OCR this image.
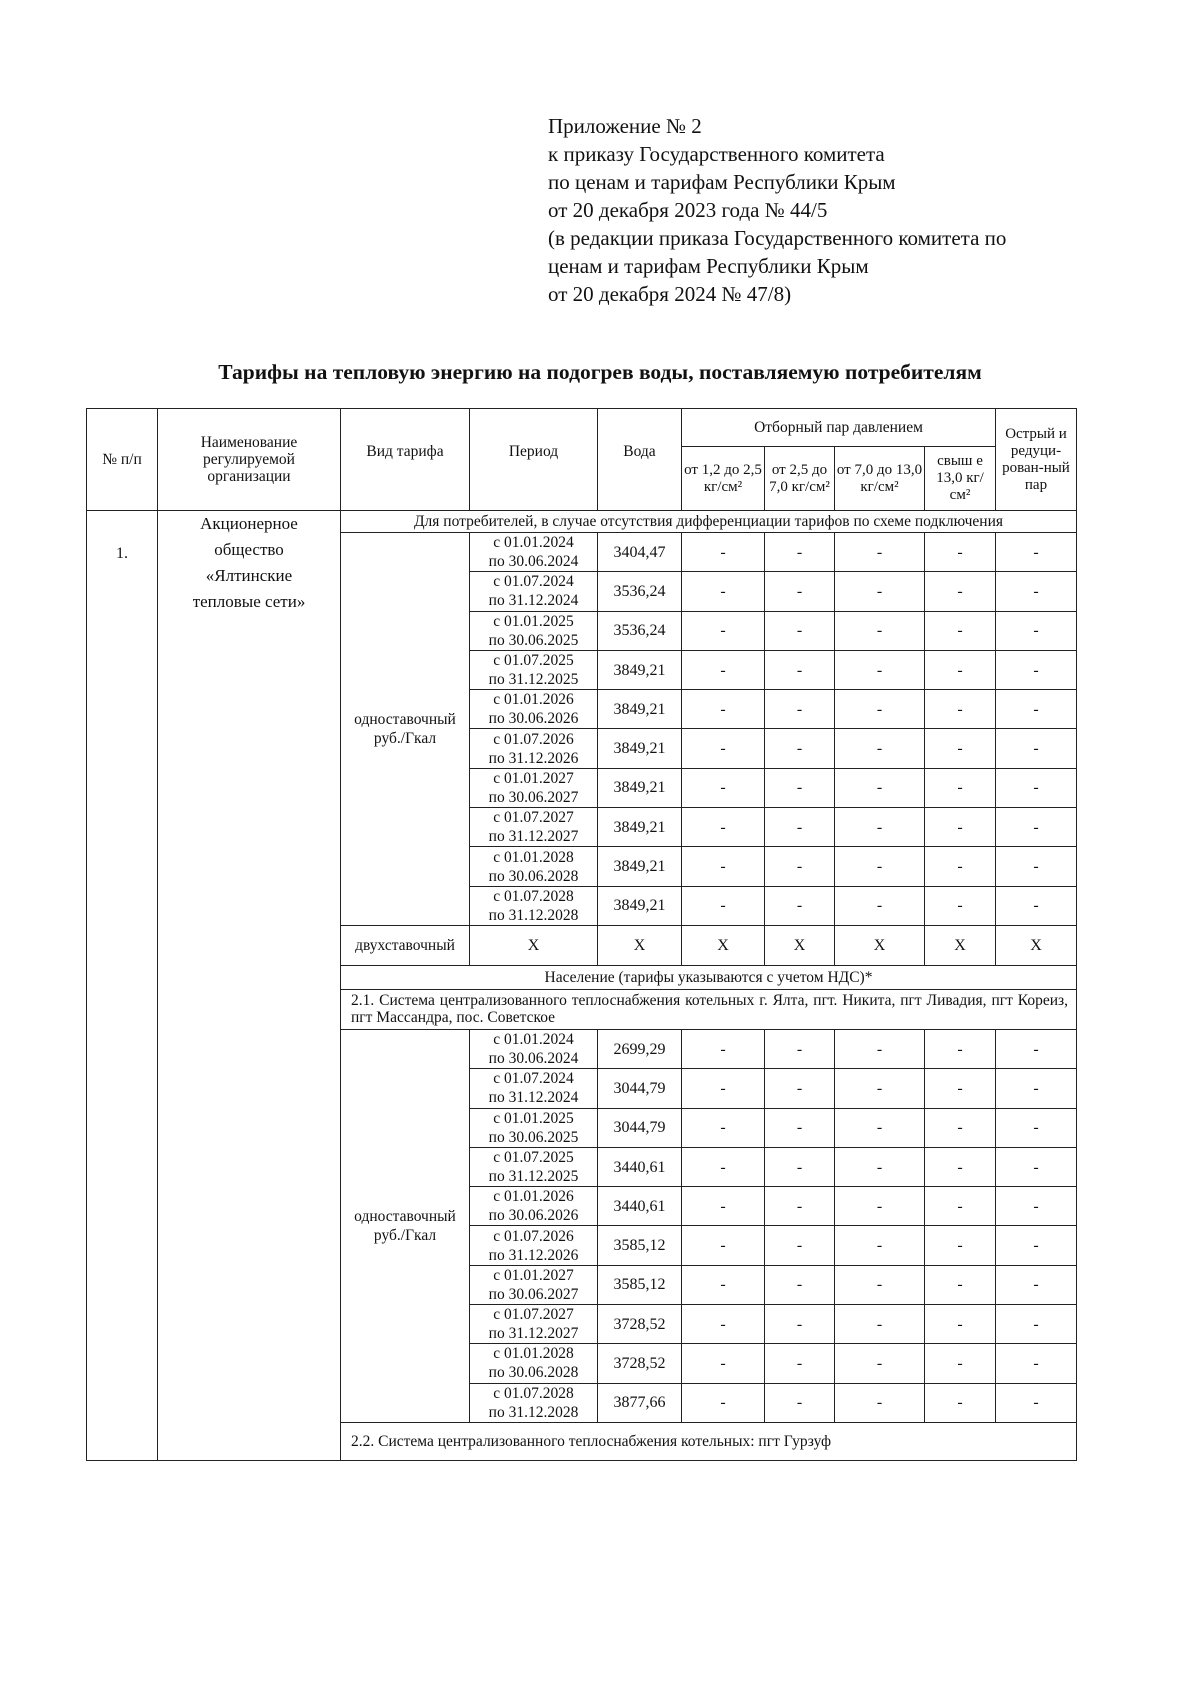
Приложение № 2
к приказу Государственного комитета
по ценам и тарифам Республики Крым
от 20 декабря 2023 года № 44/5
(в редакции приказа Государственного комитета по
ценам и тарифам Республики Крым
от 20 декабря 2024 № 47/8)
Тарифы на тепловую энергию на подогрев воды, поставляемую потребителям
№ п/п	Наименование регулируемой организации	Вид тарифа	Период	Вода	Отборный пар давлением				Острый и редуци-рован-ный пар
					от 1,2 до 2,5 кг/см²	от 2,5 до 7,0 кг/см²	от 7,0 до 13,0 кг/см²	свыш е 13,0 кг/см²	
1.	Акционерное общество «Ялтинские тепловые сети»	Для потребителей, в случае отсутствия дифференциации тарифов по схеме подключения							
		одноставочный руб./Гкал	с 01.01.2024
по 30.06.2024	3404,47	-	-	-	-	-

			с 01.07.2024
по 31.12.2024	3536,24	-	-	-	-	-

			с 01.01.2025
по 30.06.2025	3536,24	-	-	-	-	-

			с 01.07.2025
по 31.12.2025	3849,21	-	-	-	-	-

			с 01.01.2026
по 30.06.2026	3849,21	-	-	-	-	-

			с 01.07.2026
по 31.12.2026	3849,21	-	-	-	-	-

			с 01.01.2027
по 30.06.2027	3849,21	-	-	-	-	-

			с 01.07.2027
по 31.12.2027	3849,21	-	-	-	-	-

			с 01.01.2028
по 30.06.2028	3849,21	-	-	-	-	-

			с 01.07.2028
по 31.12.2028	3849,21	-	-	-	-	-
		двухставочный	X	X	X	X	X	X	X
		Население (тарифы указываются с учетом НДС)*							
		2.1. Система централизованного теплоснабжения котельных г. Ялта, пгт. Никита, пгт Ливадия, пгт Кореиз, пгт Массандра, пос. Советское							
		одноставочный руб./Гкал	с 01.01.2024
по 30.06.2024	2699,29	-	-	-	-	-

			с 01.07.2024
по 31.12.2024	3044,79	-	-	-	-	-

			с 01.01.2025
по 30.06.2025	3044,79	-	-	-	-	-

			с 01.07.2025
по 31.12.2025	3440,61	-	-	-	-	-

			с 01.01.2026
по 30.06.2026	3440,61	-	-	-	-	-

			с 01.07.2026
по 31.12.2026	3585,12	-	-	-	-	-

			с 01.01.2027
по 30.06.2027	3585,12	-	-	-	-	-

			с 01.07.2027
по 31.12.2027	3728,52	-	-	-	-	-

			с 01.01.2028
по 30.06.2028	3728,52	-	-	-	-	-

			с 01.07.2028
по 31.12.2028	3877,66	-	-	-	-	-
		2.2. Система централизованного теплоснабжения котельных: пгт Гурзуф							
